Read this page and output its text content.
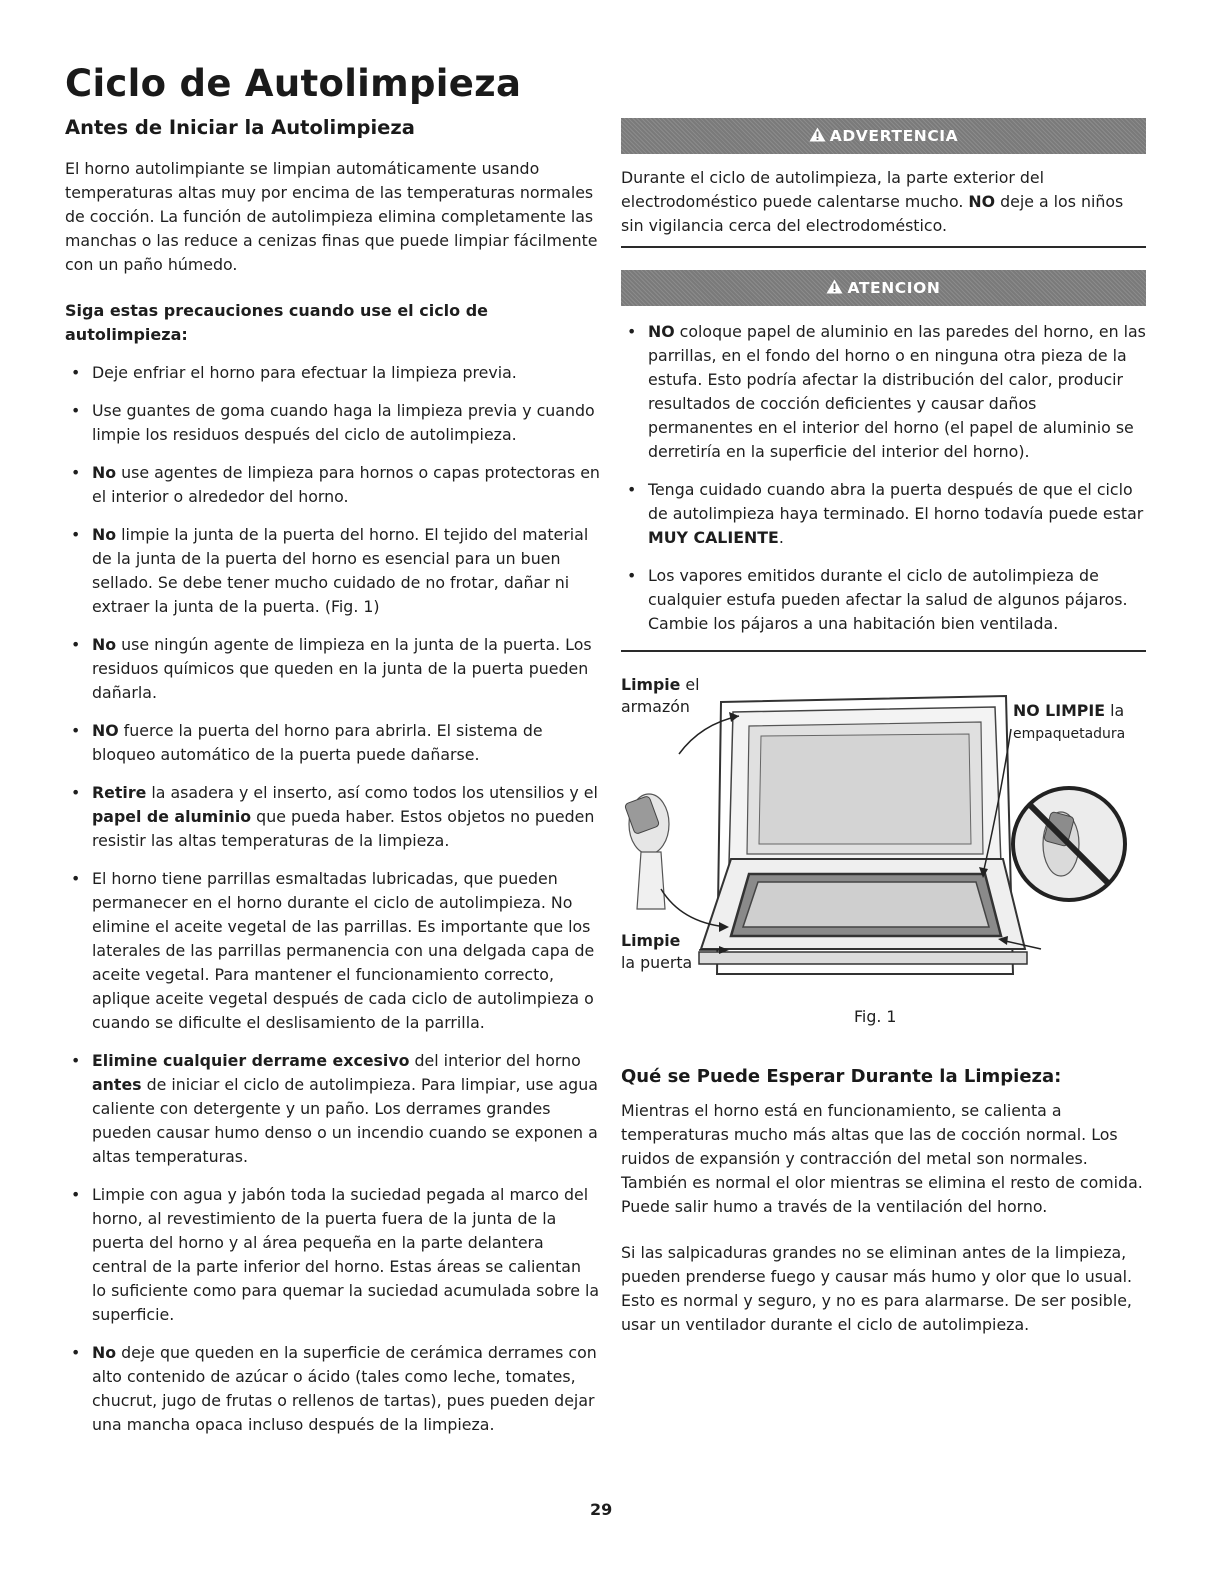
Ciclo de Autolimpieza
Antes de Iniciar la Autolimpieza

El horno autolimpiante se limpian automáticamente usando temperaturas altas muy por encima de las temperaturas normales de cocción. La función de autolimpieza elimina completamente las manchas o las reduce a cenizas finas que puede limpiar fácilmente con un paño húmedo.

Siga estas precauciones cuando use el ciclo de autolimpieza:

• Deje enfriar el horno para efectuar la limpieza previa.
• Use guantes de goma cuando haga la limpieza previa y cuando limpie los residuos después del ciclo de autolimpieza.
• No use agentes de limpieza para hornos o capas protectoras en el interior o alrededor del horno.
• No limpie la junta de la puerta del horno. El tejido del material de la junta de la puerta del horno es esencial para un buen sellado. Se debe tener mucho cuidado de no frotar, dañar ni extraer la junta de la puerta. (Fig. 1)
• No use ningún agente de limpieza en la junta de la puerta. Los residuos químicos que queden en la junta de la puerta pueden dañarla.
• NO fuerce la puerta del horno para abrirla. El sistema de bloqueo automático de la puerta puede dañarse.
• Retire la asadera y el inserto, así como todos los utensilios y el papel de aluminio que pueda haber. Estos objetos no pueden resistir las altas temperaturas de la limpieza.
• El horno tiene parrillas esmaltadas lubricadas, que pueden permanecer en el horno durante el ciclo de autolimpieza. No elimine el aceite vegetal de las parrillas. Es importante que los laterales de las parrillas permanencia con una delgada capa de aceite vegetal. Para mantener el funcionamiento correcto, aplique aceite vegetal después de cada ciclo de autolimpieza o cuando se dificulte el deslisamiento de la parrilla.
• Elimine cualquier derrame excesivo del interior del horno antes de iniciar el ciclo de autolimpieza. Para limpiar, use agua caliente con detergente y un paño. Los derrames grandes pueden causar humo denso o un incendio cuando se exponen a altas temperaturas.
• Limpie con agua y jabón toda la suciedad pegada al marco del horno, al revestimiento de la puerta fuera de la junta de la puerta del horno y al área pequeña en la parte delantera central de la parte inferior del horno. Estas áreas se calientan lo suficiente como para quemar la suciedad acumulada sobre la superficie.
• No deje que queden en la superficie de cerámica derrames con alto contenido de azúcar o ácido (tales como leche, tomates, chucrut, jugo de frutas o rellenos de tartas), pues pueden dejar una mancha opaca incluso después de la limpieza.
ADVERTENCIA

Durante el ciclo de autolimpieza, la parte exterior del electrodoméstico puede calentarse mucho. NO deje a los niños sin vigilancia cerca del electrodoméstico.

ATENCION
• NO coloque papel de aluminio en las paredes del horno, en las parrillas, en el fondo del horno o en ninguna otra pieza de la estufa. Esto podría afectar la distribución del calor, producir resultados de cocción deficientes y causar daños permanentes en el interior del horno (el papel de aluminio se derretiría en la superficie del interior del horno).
• Tenga cuidado cuando abra la puerta después de que el ciclo de autolimpieza haya terminado. El horno todavía puede estar MUY CALIENTE.
• Los vapores emitidos durante el ciclo de autolimpieza de cualquier estufa pueden afectar la salud de algunos pájaros. Cambie los pájaros a una habitación bien ventilada.
Limpie el
armazón	NO LIMPIE la
empaquetadura
Limpie
la puerta
Fig. 1
Qué se Puede Esperar Durante la Limpieza:

Mientras el horno está en funcionamiento, se calienta a temperaturas mucho más altas que las de cocción normal. Los ruidos de expansión y contracción del metal son normales. También es normal el olor mientras se elimina el resto de comida. Puede salir humo a través de la ventilación del horno.

Si las salpicaduras grandes no se eliminan antes de la limpieza, pueden prenderse fuego y causar más humo y olor que lo usual. Esto es normal y seguro, y no es para alarmarse. De ser posible, usar un ventilador durante el ciclo de autolimpieza.

29
